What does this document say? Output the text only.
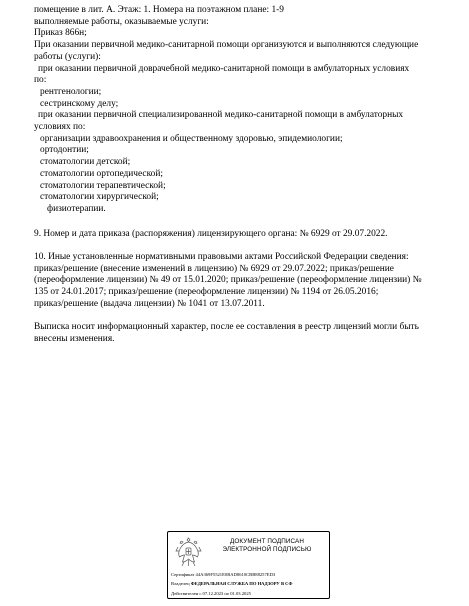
помещение в лит. А. Этаж: 1. Номера на поэтажном плане: 1-9
выполняемые работы, оказываемые услуги:
Приказ 866н;
При оказании первичной медико-санитарной помощи организуются и выполняются следующие
работы (услуги):
при оказании первичной доврачебной медико-санитарной помощи в амбулаторных условиях
по:
рентгенологии;
сестринскому делу;
при оказании первичной специализированной медико-санитарной помощи в амбулаторных
условиях по:
организации здравоохранения и общественному здоровью, эпидемиологии;
ортодонтии;
стоматологии детской;
стоматологии ортопедической;
стоматологии терапевтической;
стоматологии хирургической;
физиотерапии.
9. Номер и дата приказа (распоряжения) лицензирующего органа: № 6929 от 29.07.2022.
10. Иные установленные нормативными правовыми актами Российской Федерации сведения:
приказ/решение (внесение изменений в лицензию) № 6929 от 29.07.2022; приказ/решение
(переоформление лицензии) № 49 от 15.01.2020; приказ/решение (переоформление лицензии) №
135 от 24.01.2017; приказ/решение (переоформление лицензии) № 1194 от 26.05.2016;
приказ/решение (выдача лицензии) № 1041 от 13.07.2011.
Выписка носит информационный характер, после ее составления в реестр лицензий могли быть
внесены изменения.
ДОКУМЕНТ ПОДПИСАН
ЭЛЕКТРОННОЙ ПОДПИСЬЮ
Сертификат 44A369F5521E0BAD8610CBB88257ED3
Владелец ФЕДЕРАЛЬНАЯ СЛУЖБА ПО НАДЗОРУ В СФ
Действителен с 07.12.2023 по 01.03.2025
